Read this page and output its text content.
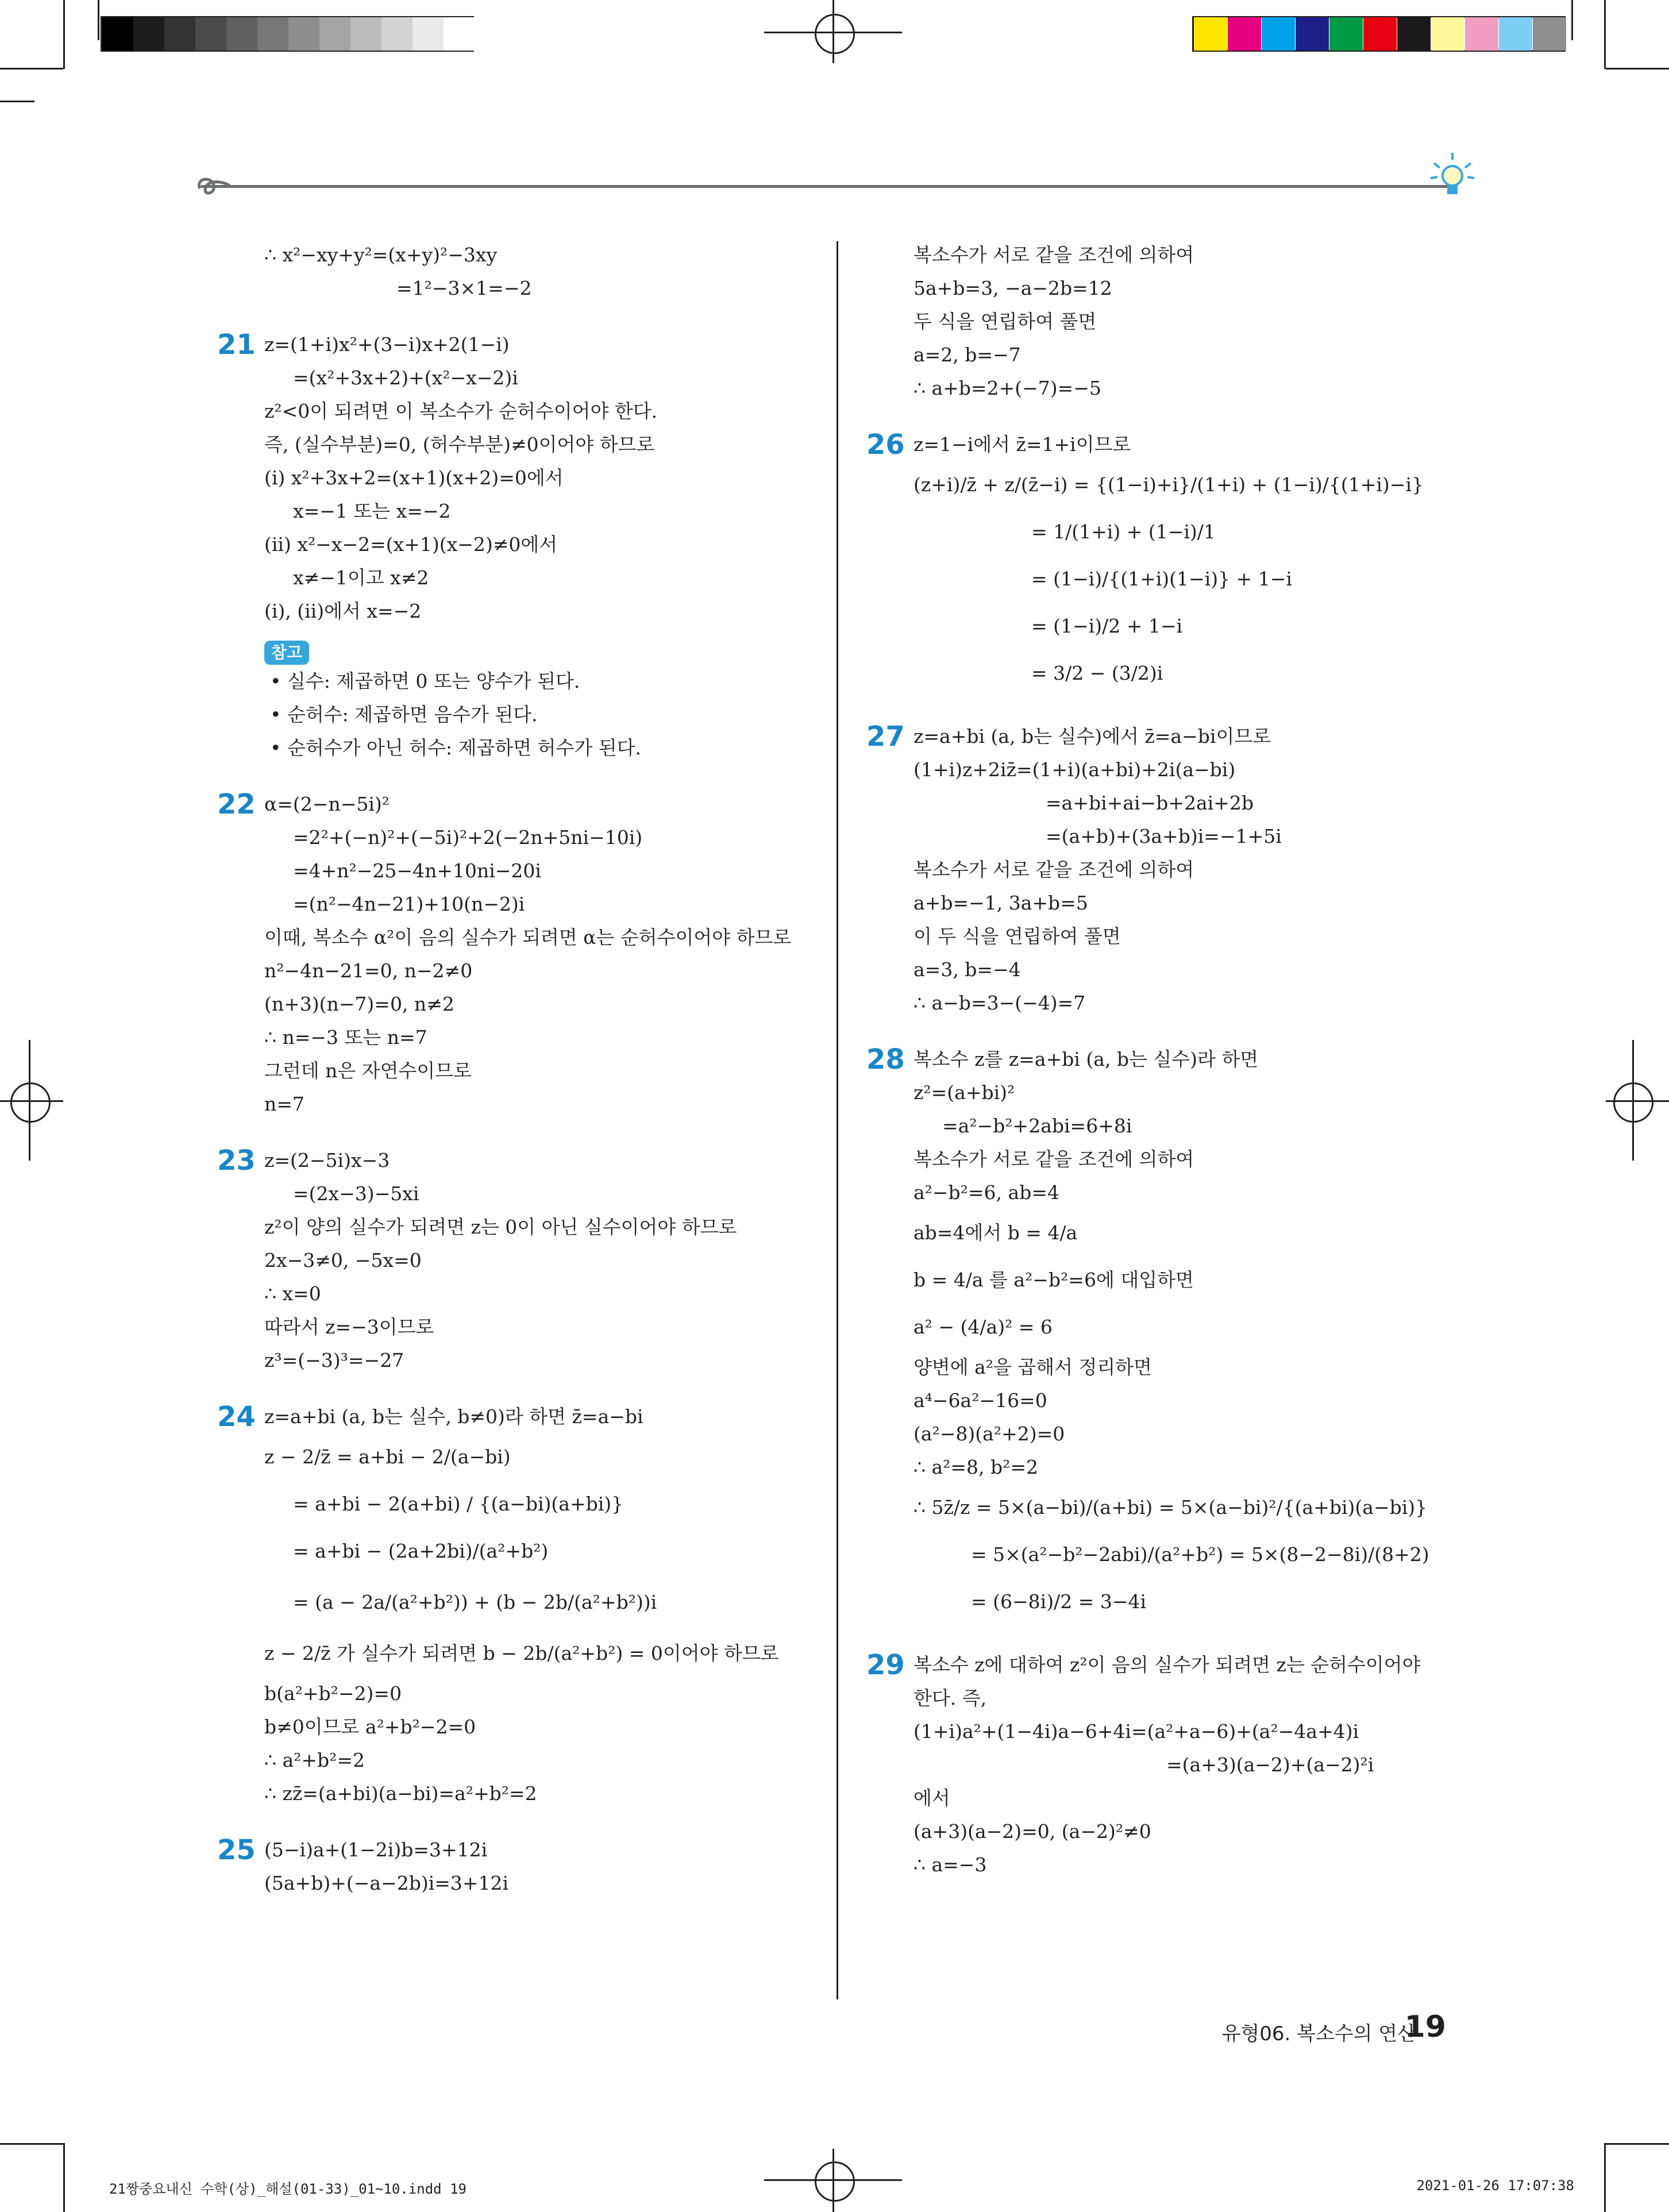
∴ x²−xy+y²=(x+y)²−3xy
=1²−3×1=−2
21 z=(1+i)x²+(3−i)x+2(1−i)
=(x²+3x+2)+(x²−x−2)i
z²<0이 되려면 이 복소수가 순허수이어야 한다.
즉, (실수부분)=0, (허수부분)≠0이어야 하므로
(ⅰ) x²+3x+2=(x+1)(x+2)=0에서
x=−1 또는 x=−2
(ⅱ) x²−x−2=(x+1)(x−2)≠0에서
x≠−1이고 x≠2
(ⅰ), (ⅱ)에서 x=−2
참고
• 실수: 제곱하면 0 또는 양수가 된다.
• 순허수: 제곱하면 음수가 된다.
• 순허수가 아닌 허수: 제곱하면 허수가 된다.
22 α=(2−n−5i)²
=2²+(−n)²+(−5i)²+2(−2n+5ni−10i)
=4+n²−25−4n+10ni−20i
=(n²−4n−21)+10(n−2)i
이때, 복소수 α²이 음의 실수가 되려면 α는 순허수이어야 하므로
n²−4n−21=0, n−2≠0
(n+3)(n−7)=0, n≠2
∴ n=−3 또는 n=7
그런데 n은 자연수이므로
n=7
23 z=(2−5i)x−3
=(2x−3)−5xi
z²이 양의 실수가 되려면 z는 0이 아닌 실수이어야 하므로
2x−3≠0, −5x=0
∴ x=0
따라서 z=−3이므로
z³=(−3)³=−27
24 z=a+bi (a, b는 실수, b≠0)라 하면 z̄=a−bi
z − 2/z̄ = a+bi − 2/(a−bi)
= a+bi − 2(a+bi) / {(a−bi)(a+bi)}
= a+bi − (2a+2bi)/(a²+b²)
= (a − 2a/(a²+b²)) + (b − 2b/(a²+b²))i
z − 2/z̄ 가 실수가 되려면 b − 2b/(a²+b²) = 0이어야 하므로
b(a²+b²−2)=0
b≠0이므로 a²+b²−2=0
∴ a²+b²=2
∴ zz̄=(a+bi)(a−bi)=a²+b²=2
25 (5−i)a+(1−2i)b=3+12i
(5a+b)+(−a−2b)i=3+12i
복소수가 서로 같을 조건에 의하여
5a+b=3, −a−2b=12
두 식을 연립하여 풀면
a=2, b=−7
∴ a+b=2+(−7)=−5
26 z=1−i에서 z̄=1+i이므로
(z+i)/z̄ + z/(z̄−i) = {(1−i)+i}/(1+i) + (1−i)/{(1+i)−i}
= 1/(1+i) + (1−i)/1
= (1−i)/{(1+i)(1−i)} + 1−i
= (1−i)/2 + 1−i
= 3/2 − (3/2)i
27 z=a+bi (a, b는 실수)에서 z̄=a−bi이므로
(1+i)z+2iz̄=(1+i)(a+bi)+2i(a−bi)
=a+bi+ai−b+2ai+2b
=(a+b)+(3a+b)i=−1+5i
복소수가 서로 같을 조건에 의하여
a+b=−1, 3a+b=5
이 두 식을 연립하여 풀면
a=3, b=−4
∴ a−b=3−(−4)=7
28 복소수 z를 z=a+bi (a, b는 실수)라 하면
z²=(a+bi)²
=a²−b²+2abi=6+8i
복소수가 서로 같을 조건에 의하여
a²−b²=6, ab=4
ab=4에서 b = 4/a
b = 4/a 를 a²−b²=6에 대입하면
a² − (4/a)² = 6
양변에 a²을 곱해서 정리하면
a⁴−6a²−16=0
(a²−8)(a²+2)=0
∴ a²=8, b²=2
∴ 5z̄/z = 5×(a−bi)/(a+bi) = 5×(a−bi)²/{(a+bi)(a−bi)}
= 5×(a²−b²−2abi)/(a²+b²) = 5×(8−2−8i)/(8+2)
= (6−8i)/2 = 3−4i
29 복소수 z에 대하여 z²이 음의 실수가 되려면 z는 순허수이어야
한다. 즉,
(1+i)a²+(1−4i)a−6+4i=(a²+a−6)+(a²−4a+4)i
=(a+3)(a−2)+(a−2)²i
에서
(a+3)(a−2)=0, (a−2)²≠0
∴ a=−3
유형06. 복소수의 연산
19
21짱중요내신 수학(상)_해설(01-33)_01~10.indd 19	2021-01-26 17:07:38
